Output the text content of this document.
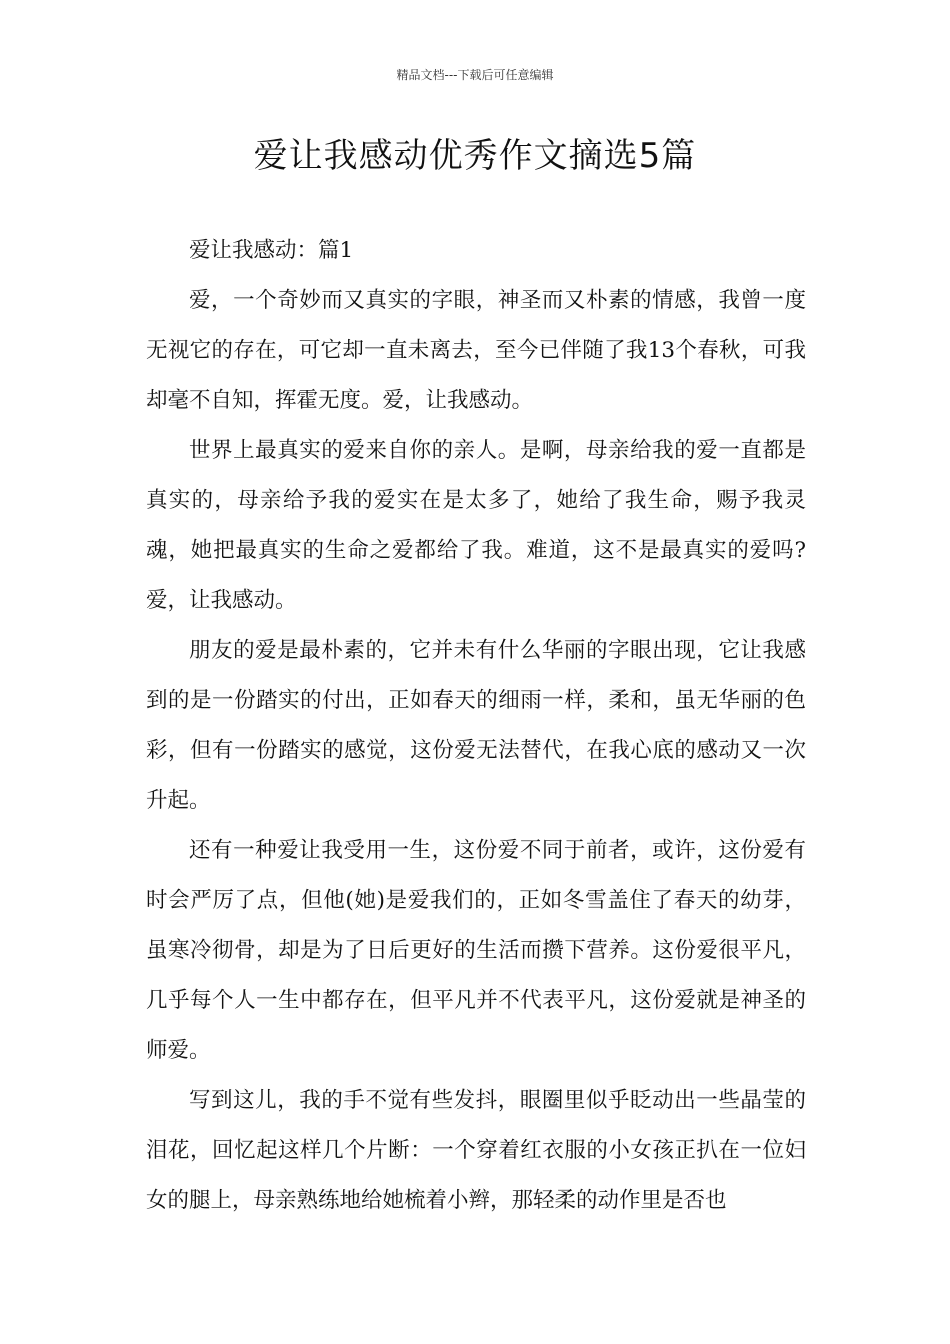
精品文档---下载后可任意编辑
爱让我感动优秀作文摘选5篇

爱让我感动：篇1

爱，一个奇妙而又真实的字眼，神圣而又朴素的情感，我曾一度无视它的存在，可它却一直未离去，至今已伴随了我13个春秋，可我却毫不自知，挥霍无度。爱，让我感动。

世界上最真实的爱来自你的亲人。是啊，母亲给我的爱一直都是真实的，母亲给予我的爱实在是太多了，她给了我生命，赐予我灵魂，她把最真实的生命之爱都给了我。难道，这不是最真实的爱吗?爱，让我感动。

朋友的爱是最朴素的，它并未有什么华丽的字眼出现，它让我感到的是一份踏实的付出，正如春天的细雨一样，柔和，虽无华丽的色彩，但有一份踏实的感觉，这份爱无法替代，在我心底的感动又一次升起。

还有一种爱让我受用一生，这份爱不同于前者，或许，这份爱有时会严厉了点，但他(她)是爱我们的，正如冬雪盖住了春天的幼芽，虽寒冷彻骨，却是为了日后更好的生活而攒下营养。这份爱很平凡，几乎每个人一生中都存在，但平凡并不代表平凡，这份爱就是神圣的师爱。

写到这儿，我的手不觉有些发抖，眼圈里似乎眨动出一些晶莹的泪花，回忆起这样几个片断：一个穿着红衣服的小女孩正扒在一位妇女的腿上，母亲熟练地给她梳着小辫，那轻柔的动作里是否也
